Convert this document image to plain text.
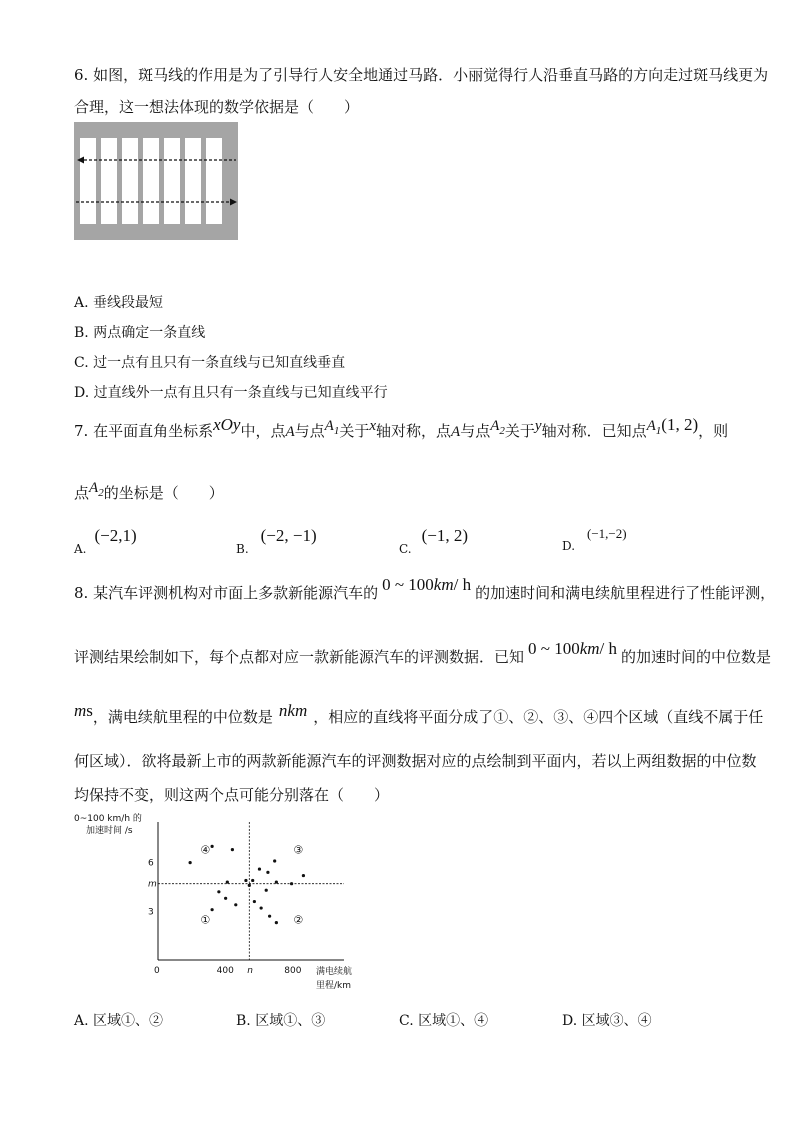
6. 如图，斑马线的作用是为了引导行人安全地通过马路．小丽觉得行人沿垂直马路的方向走过斑马线更为
合理，这一想法体现的数学依据是（　　）
A. 垂线段最短
B. 两点确定一条直线
C. 过一点有且只有一条直线与已知直线垂直
D. 过直线外一点有且只有一条直线与已知直线平行
7. 在平面直角坐标系xOy中，点A与点$A_1$关于x轴对称，点A与点$A_2$关于y轴对称．已知点$A_1(1$, 2)，则
点$A_2$的坐标是（　　）
A.(−2,1)
B.(−2, −1)
C.(−1, 2)
D.(−1,−2)
8. 某汽车评测机构对市面上多款新能源汽车的 0 ~ 100km/ h 的加速时间和满电续航里程进行了性能评测，
评测结果绘制如下，每个点都对应一款新能源汽车的评测数据．已知 0 ~ 100km/ h 的加速时间的中位数是
ms，满电续航里程的中位数是 nkm ，相应的直线将平面分成了①、②、③、④四个区域（直线不属于任
何区域）．欲将最新上市的两款新能源汽车的评测数据对应的点绘制到平面内，若以上两组数据的中位数
均保持不变，则这两个点可能分别落在（　　）
0~100 km/h 的
加速时间 /s
满电续航
里程/km
0	400	800
3
6
m
n
④	③
①	②
A. 区域①、②	B. 区域①、③	C. 区域①、④	D. 区域③、④
